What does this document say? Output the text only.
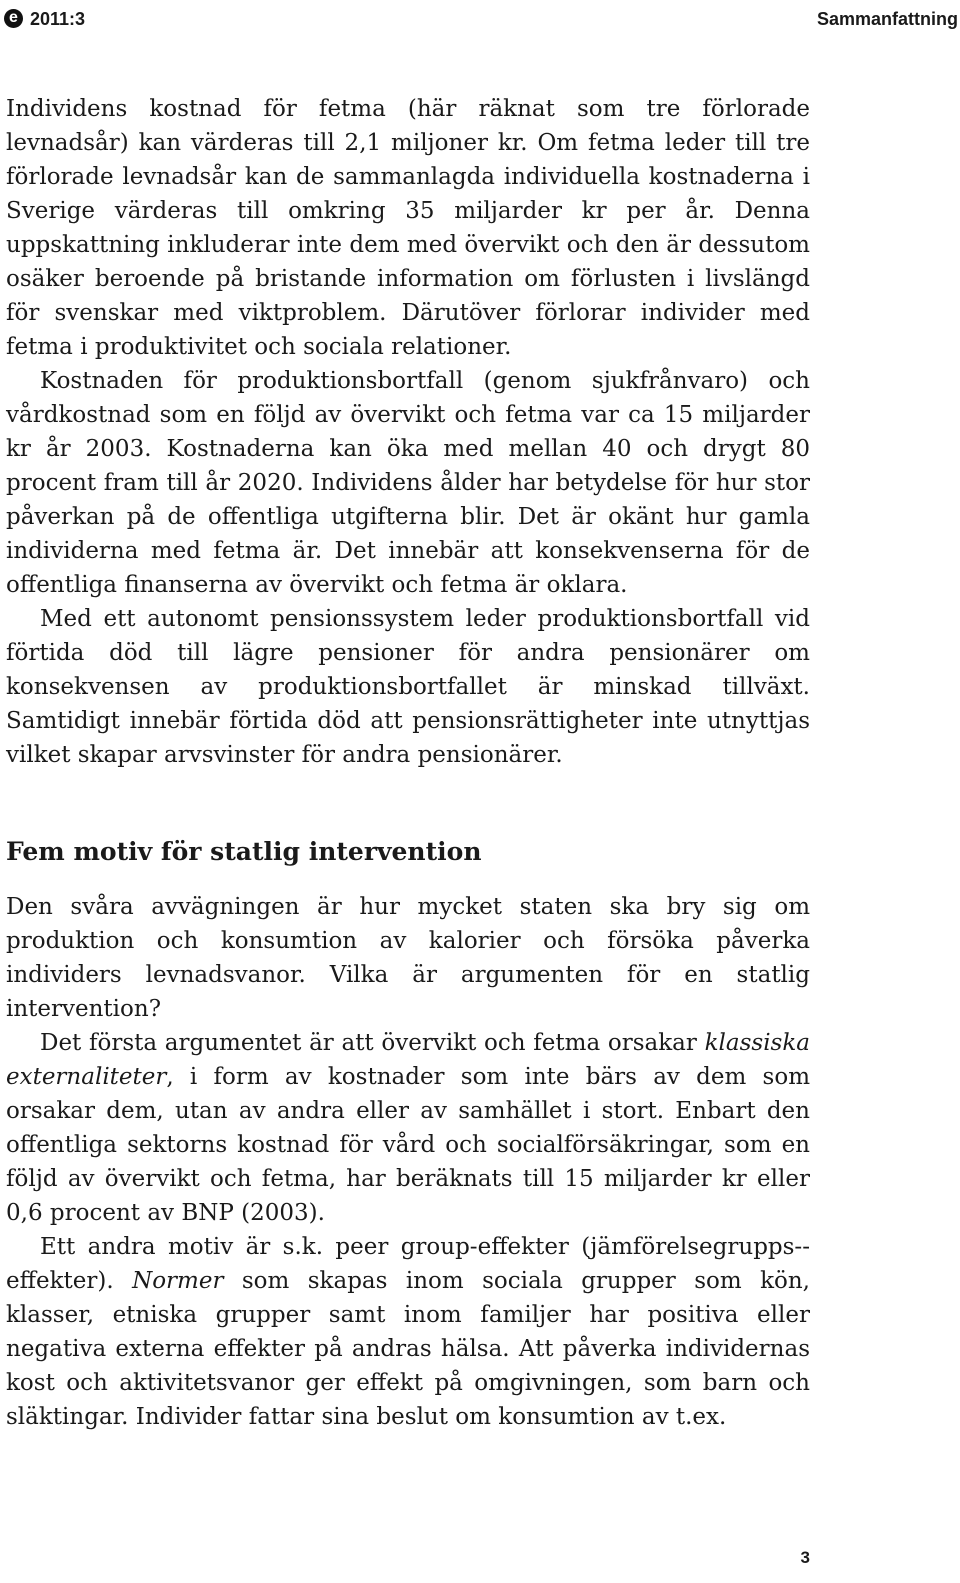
e 2011:3	Sammanfattning

Individens kostnad för fetma (här räknat som tre förlorade levnadsår) kan värderas till 2,1 miljoner kr. Om fetma leder till tre förlorade levnadsår kan de sammanlagda individuella kostnaderna i Sverige värderas till omkring 35 miljarder kr per år. Denna uppskattning inkluderar inte dem med övervikt och den är dessutom osäker beroende på bristande information om förlusten i livslängd för svenskar med viktproblem. Därutöver förlorar individer med fetma i produktivitet och sociala relationer.

Kostnaden för produktionsbortfall (genom sjukfrånvaro) och vårdkostnad som en följd av övervikt och fetma var ca 15 miljarder kr år 2003. Kostnaderna kan öka med mellan 40 och drygt 80 procent fram till år 2020. Individens ålder har betydelse för hur stor påverkan på de offentliga utgifterna blir. Det är okänt hur gamla individerna med fetma är. Det innebär att konsekvenserna för de offentliga finanserna av övervikt och fetma är oklara.

Med ett autonomt pensionssystem leder produktionsbortfall vid förtida död till lägre pensioner för andra pensionärer om konsekvensen av produktionsbortfallet är minskad tillväxt. Samtidigt innebär förtida död att pensionsrättigheter inte utnyttjas vilket skapar arvsvinster för andra pensionärer.

Fem motiv för statlig intervention

Den svåra avvägningen är hur mycket staten ska bry sig om produktion och konsumtion av kalorier och försöka påverka individers levnadsvanor. Vilka är argumenten för en statlig intervention?

Det första argumentet är att övervikt och fetma orsakar klassiska externaliteter, i form av kostnader som inte bärs av dem som orsakar dem, utan av andra eller av samhället i stort. Enbart den offentliga sektorns kostnad för vård och socialförsäkringar, som en följd av övervikt och fetma, har beräknats till 15 miljarder kr eller 0,6 procent av BNP (2003).

Ett andra motiv är s.k. peer group-effekter (jämförelsegrupps-effekter). Normer som skapas inom sociala grupper som kön, klasser, etniska grupper samt inom familjer har positiva eller negativa externa effekter på andras hälsa. Att påverka individernas kost och aktivitetsvanor ger effekt på omgivningen, som barn och släktingar. Individer fattar sina beslut om konsumtion av t.ex.

3
